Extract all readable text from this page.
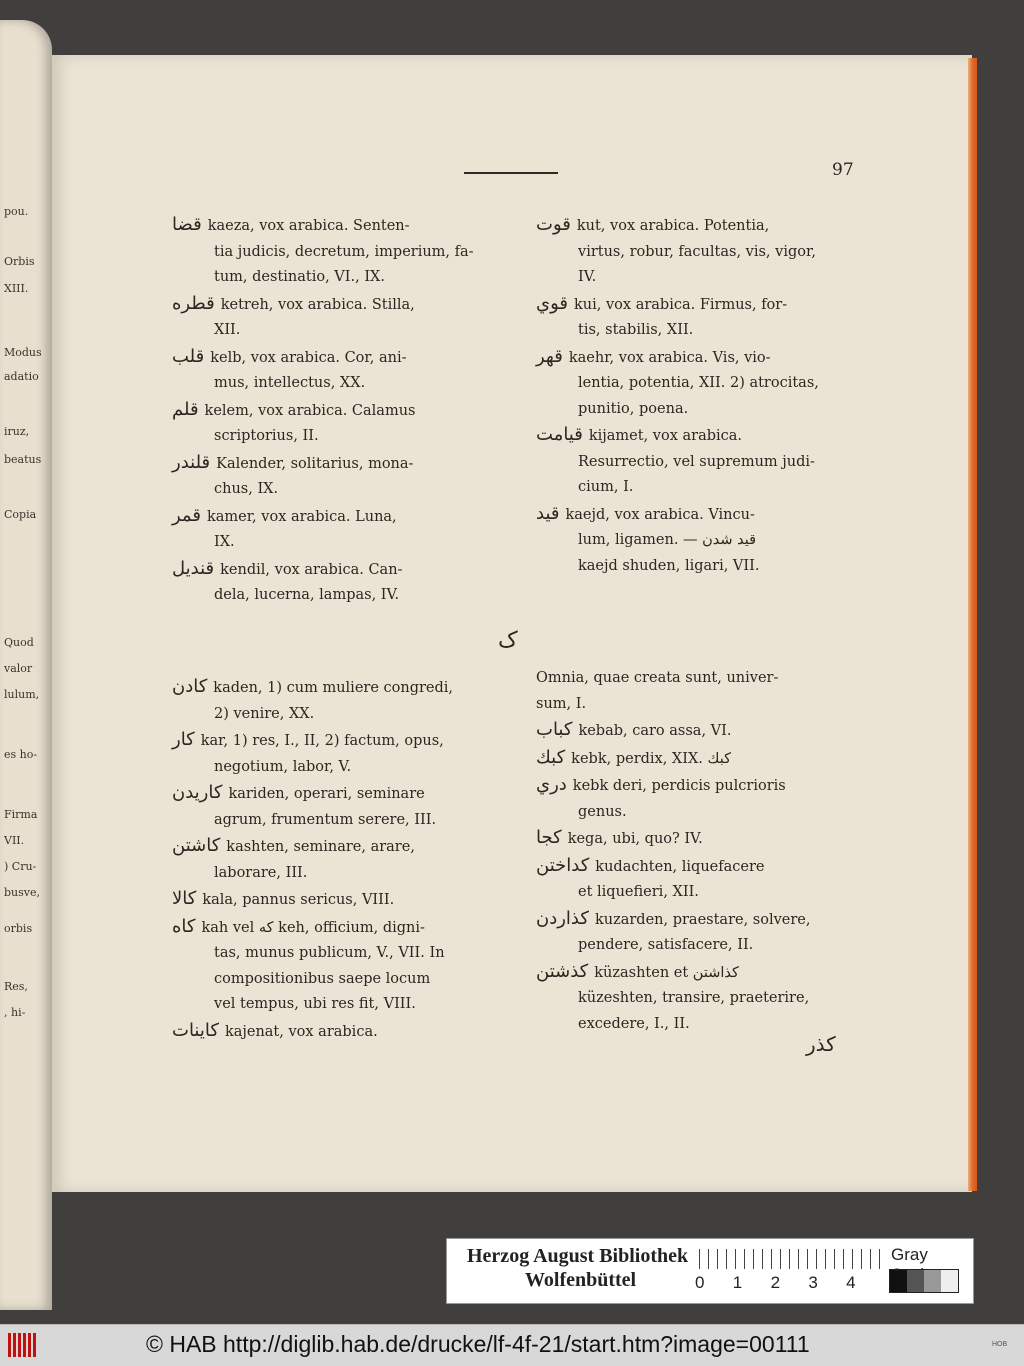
pou.
Orbis
XIII.
Modus
adatio
iruz,
beatus
Copia
Quod
valor
lulum,
es ho-
Firma
VII.
) Cru-
busve,
orbis
Res,
, hi-
97
قضا kaeza, vox arabica. Senten-
tia judicis, decretum, imperium, fa-
tum, destinatio, VI., IX.
قطره ketreh, vox arabica. Stilla,
XII.
قلب kelb, vox arabica. Cor, ani-
mus, intellectus, XX.
قلم kelem, vox arabica. Calamus
scriptorius, II.
قلندر Kalender, solitarius, mona-
chus, IX.
قمر kamer, vox arabica. Luna,
IX.
قنديل kendil, vox arabica. Can-
dela, lucerna, lampas, IV.
قوت kut, vox arabica. Potentia,
virtus, robur, facultas, vis, vigor,
IV.
قوي kui, vox arabica. Firmus, for-
tis, stabilis, XII.
قهر kaehr, vox arabica. Vis, vio-
lentia, potentia, XII. 2) atrocitas,
punitio, poena.
قيامت kijamet, vox arabica.
Resurrectio, vel supremum judi-
cium, I.
قيد kaejd, vox arabica. Vincu-
lum, ligamen. — قيد شدن
kaejd shuden, ligari, VII.
ک
كادن kaden, 1) cum muliere congredi,
2) venire, XX.
كار kar, 1) res, I., II, 2) factum, opus,
negotium, labor, V.
كاريدن kariden, operari, seminare
agrum, frumentum serere, III.
كاشتن kashten, seminare, arare,
laborare, III.
كالا kala, pannus sericus, VIII.
كاه kah vel كه keh, officium, digni-
tas, munus publicum, V., VII. In
compositionibus saepe locum
vel tempus, ubi res fit, VIII.
كاينات kajenat, vox arabica.
Omnia, quae creata sunt, univer-
sum, I.
كباب kebab, caro assa, VI.
كبك kebk, perdix, XIX. كبك
دري kebk deri, perdicis pulcrioris
genus.
كجا kega, ubi, quo? IV.
كداختن kudachten, liquefacere
et liquefieri, XII.
كذاردن kuzarden, praestare, solvere,
pendere, satisfacere, II.
كذشتن küzashten et كذاشتن
küzeshten, transire, praeterire,
excedere, I., II.
كذر
Herzog August Bibliothek
Wolfenbüttel	0      1      2      3      4
Gray
© HAB http://diglib.hab.de/drucke/lf-4f-21/start.htm?image=00111	HOB
